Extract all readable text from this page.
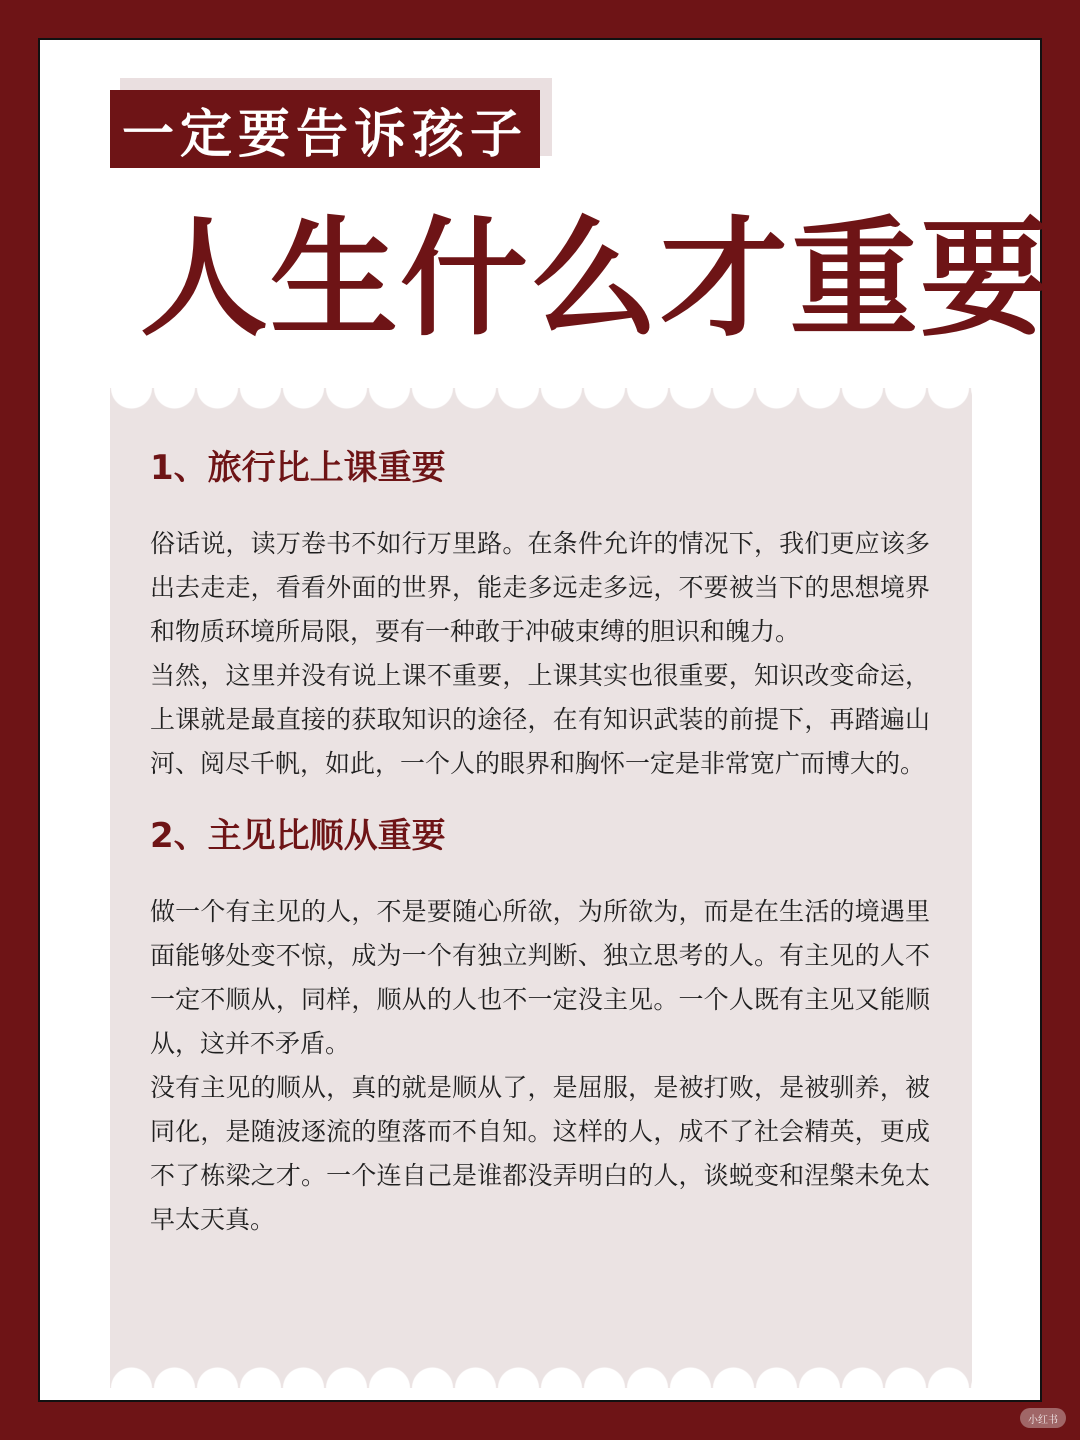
一定要告诉孩子
人生什么才重要
1、旅行比上课重要

俗话说，读万卷书不如行万里路。在条件允许的情况下，我们更应该多出去走走，看看外面的世界，能走多远走多远，不要被当下的思想境界和物质环境所局限，要有一种敢于冲破束缚的胆识和魄力。

当然，这里并没有说上课不重要，上课其实也很重要，知识改变命运，上课就是最直接的获取知识的途径，在有知识武装的前提下，再踏遍山河、阅尽千帆，如此，一个人的眼界和胸怀一定是非常宽广而博大的。

2、主见比顺从重要

做一个有主见的人，不是要随心所欲，为所欲为，而是在生活的境遇里面能够处变不惊，成为一个有独立判断、独立思考的人。有主见的人不一定不顺从，同样，顺从的人也不一定没主见。一个人既有主见又能顺从，这并不矛盾。

没有主见的顺从，真的就是顺从了，是屈服，是被打败，是被驯养，被同化，是随波逐流的堕落而不自知。这样的人，成不了社会精英，更成不了栋梁之才。一个连自己是谁都没弄明白的人，谈蜕变和涅槃未免太早太天真。

小红书
